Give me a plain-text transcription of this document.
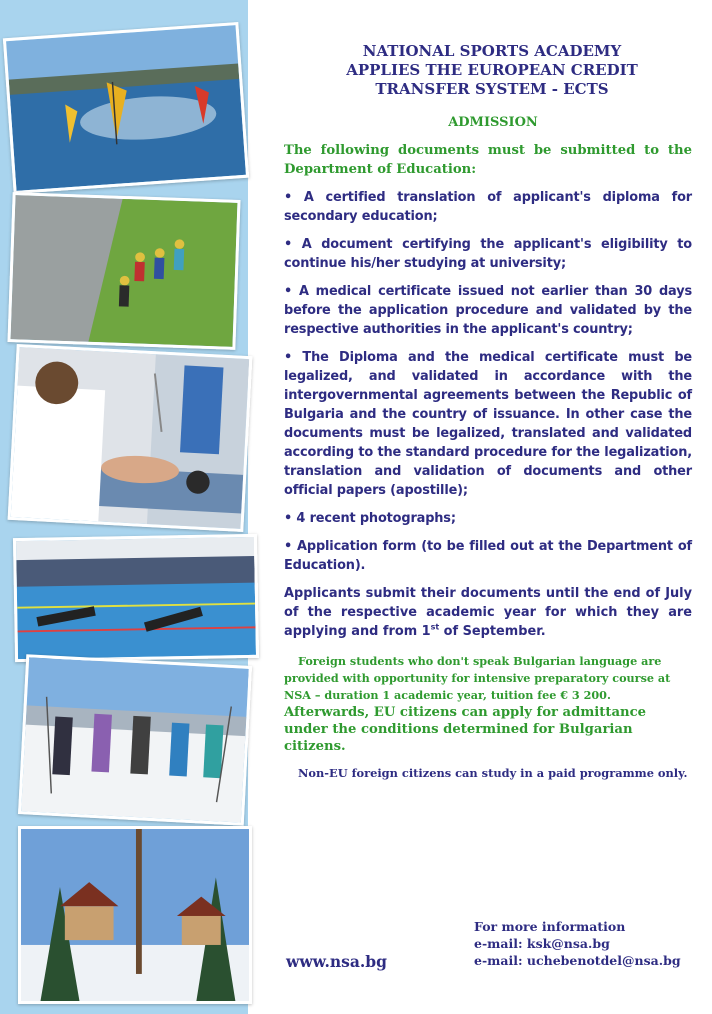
NATIONAL SPORTS ACADEMY
APPLIES THE EUROPEAN CREDIT
TRANSFER SYSTEM - ECTS
ADMISSION

The following documents must be submitted to the Department of Education:

• A certified translation of applicant's diploma for secondary education;

• A document certifying the applicant's eligibility to continue his/her studying at university;

• A medical certificate issued not earlier than 30 days before the application procedure and validated by the respective authorities in the applicant's country;

• The Diploma and the medical certificate must be legalized, and validated in accordance with the intergovernmental agreements between the Republic of Bulgaria and the country of issuance. In other case the documents must be legalized, translated and validated according to the standard procedure for the legalization, translation and validation of documents and other official papers (apostille);

• 4 recent photographs;

• Application form (to be filled out at the Department of Education).

Applicants submit their documents until the end of July of the respective academic year for which they are applying and from 1st of September.

Foreign students who don't speak Bulgarian language are provided with opportunity for intensive preparatory course at NSA – duration 1 academic year, tuition fee € 3 200. Afterwards, EU citizens can apply for admittance under the conditions determined for Bulgarian citizens.

Non-EU foreign citizens can study in a paid programme only.

For more information
e-mail: ksk@nsa.bg
e-mail: uchebenotdel@nsa.bg
www.nsa.bg
